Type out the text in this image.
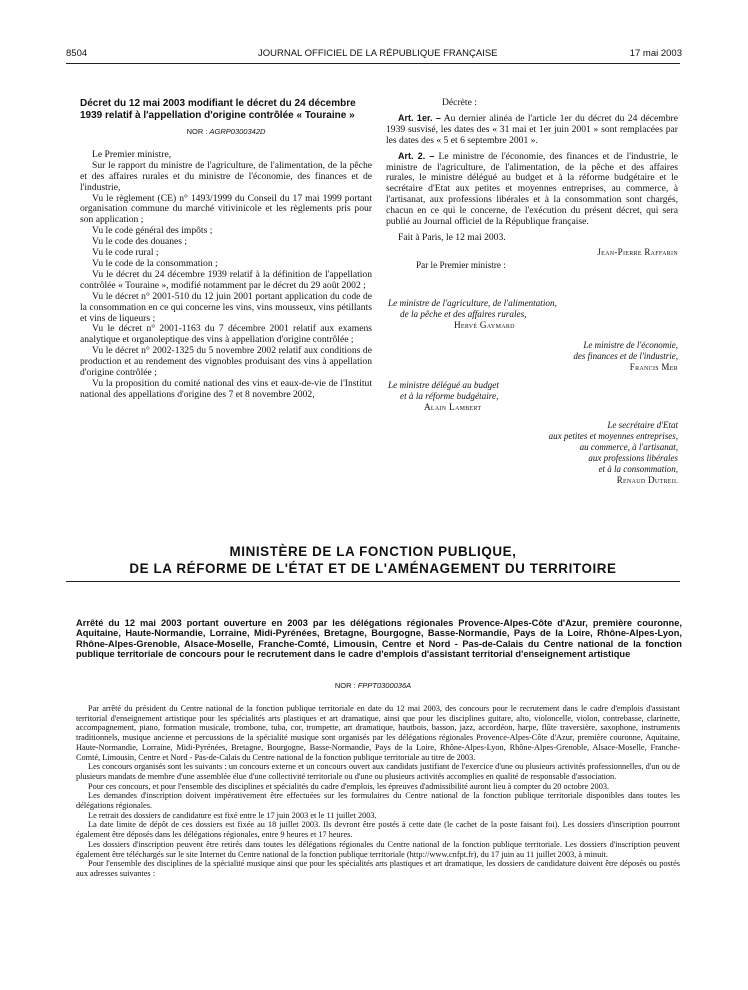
8504	JOURNAL OFFICIEL DE LA RÉPUBLIQUE FRANÇAISE	17 mai 2003

Décret du 12 mai 2003 modifiant le décret du 24 décembre 1939 relatif à l'appellation d'origine contrôlée « Touraine »

NOR : AGRP0300342D

Le Premier ministre,

Sur le rapport du ministre de l'agriculture, de l'alimentation, de la pêche et des affaires rurales et du ministre de l'économie, des finances et de l'industrie,

Vu le règlement (CE) n° 1493/1999 du Conseil du 17 mai 1999 portant organisation commune du marché vitivinicole et les règlements pris pour son application ;

Vu le code général des impôts ;

Vu le code des douanes ;

Vu le code rural ;

Vu le code de la consommation ;

Vu le décret du 24 décembre 1939 relatif à la définition de l'appellation contrôlée « Touraine », modifié notamment par le décret du 29 août 2002 ;

Vu le décret n° 2001-510 du 12 juin 2001 portant application du code de la consommation en ce qui concerne les vins, vins mousseux, vins pétillants et vins de liqueurs ;

Vu le décret n° 2001-1163 du 7 décembre 2001 relatif aux examens analytique et organoleptique des vins à appellation d'origine contrôlée ;

Vu le décret n° 2002-1325 du 5 novembre 2002 relatif aux conditions de production et au rendement des vignobles produisant des vins à appellation d'origine contrôlée ;

Vu la proposition du comité national des vins et eaux-de-vie de l'Institut national des appellations d'origine des 7 et 8 novembre 2002,

Décrète :

Art. 1er. – Au dernier alinéa de l'article 1er du décret du 24 décembre 1939 susvisé, les dates des « 31 mai et 1er juin 2001 » sont remplacées par les dates des « 5 et 6 septembre 2001 ».

Art. 2. – Le ministre de l'économie, des finances et de l'industrie, le ministre de l'agriculture, de l'alimentation, de la pêche et des affaires rurales, le ministre délégué au budget et à la réforme budgétaire et le secrétaire d'Etat aux petites et moyennes entreprises, au commerce, à l'artisanat, aux professions libérales et à la consommation sont chargés, chacun en ce qui le concerne, de l'exécution du présent décret, qui sera publié au Journal officiel de la République française.

Fait à Paris, le 12 mai 2003.

Jean-Pierre Raffarin

Par le Premier ministre :

Le ministre de l'agriculture, de l'alimentation,

de la pêche et des affaires rurales,

Hervé Gaymard

Le ministre de l'économie,

des finances et de l'industrie,

Francis Mer

Le ministre délégué au budget

et à la réforme budgétaire,

Alain Lambert

Le secrétaire d'Etat

aux petites et moyennes entreprises,

au commerce, à l'artisanat,

aux professions libérales

et à la consommation,

Renaud Dutreil

MINISTÈRE DE LA FONCTION PUBLIQUE,
DE LA RÉFORME DE L'ÉTAT ET DE L'AMÉNAGEMENT DU TERRITOIRE
Arrêté du 12 mai 2003 portant ouverture en 2003 par les délégations régionales Provence-Alpes-Côte d'Azur, première couronne, Aquitaine, Haute-Normandie, Lorraine, Midi-Pyrénées, Bretagne, Bourgogne, Basse-Normandie, Pays de la Loire, Rhône-Alpes-Lyon, Rhône-Alpes-Grenoble, Alsace-Moselle, Franche-Comté, Limousin, Centre et Nord - Pas-de-Calais du Centre national de la fonction publique territoriale de concours pour le recrutement dans le cadre d'emplois d'assistant territorial d'enseignement artistique
NOR : FPPT0300036A

Par arrêté du président du Centre national de la fonction publique territoriale en date du 12 mai 2003, des concours pour le recrutement dans le cadre d'emplois d'assistant territorial d'enseignement artistique pour les spécialités arts plastiques et art dramatique, ainsi que pour les disciplines guitare, alto, violoncelle, violon, contrebasse, clarinette, accompagnement, piano, formation musicale, trombone, tuba, cor, trompette, art dramatique, hautbois, basson, jazz, accordéon, harpe, flûte traversière, saxophone, instruments traditionnels, musique ancienne et percussions de la spécialité musique sont organisés par les délégations régionales Provence-Alpes-Côte d'Azur, première couronne, Aquitaine, Haute-Normandie, Lorraine, Midi-Pyrénées, Bretagne, Bourgogne, Basse-Normandie, Pays de la Loire, Rhône-Alpes-Lyon, Rhône-Alpes-Grenoble, Alsace-Moselle, Franche-Comté, Limousin, Centre et Nord - Pas-de-Calais du Centre national de la fonction publique territoriale au titre de 2003.

Les concours organisés sont les suivants : un concours externe et un concours ouvert aux candidats justifiant de l'exercice d'une ou plusieurs activités professionnelles, d'un ou de plusieurs mandats de membre d'une assemblée élue d'une collectivité territoriale ou d'une ou plusieurs activités accomplies en qualité de responsable d'association.

Pour ces concours, et pour l'ensemble des disciplines et spécialités du cadre d'emplois, les épreuves d'admissibilité auront lieu à compter du 20 octobre 2003.

Les demandes d'inscription doivent impérativement être effectuées sur les formulaires du Centre national de la fonction publique territoriale disponibles dans toutes les délégations régionales.

Le retrait des dossiers de candidature est fixé entre le 17 juin 2003 et le 11 juillet 2003.

La date limite de dépôt de ces dossiers est fixée au 18 juillet 2003. Ils devront être postés à cette date (le cachet de la poste faisant foi). Les dossiers d'inscription pourront également être déposés dans les délégations régionales, entre 9 heures et 17 heures.

Les dossiers d'inscription peuvent être retirés dans toutes les délégations régionales du Centre national de la fonction publique territoriale. Les dossiers d'inscription peuvent également être téléchargés sur le site Internet du Centre national de la fonction publique territoriale (http://www.cnfpt.fr), du 17 juin au 11 juillet 2003, à minuit.

Pour l'ensemble des disciplines de la spécialité musique ainsi que pour les spécialités arts plastiques et art dramatique, les dossiers de candidature doivent être déposés ou postés aux adresses suivantes :
